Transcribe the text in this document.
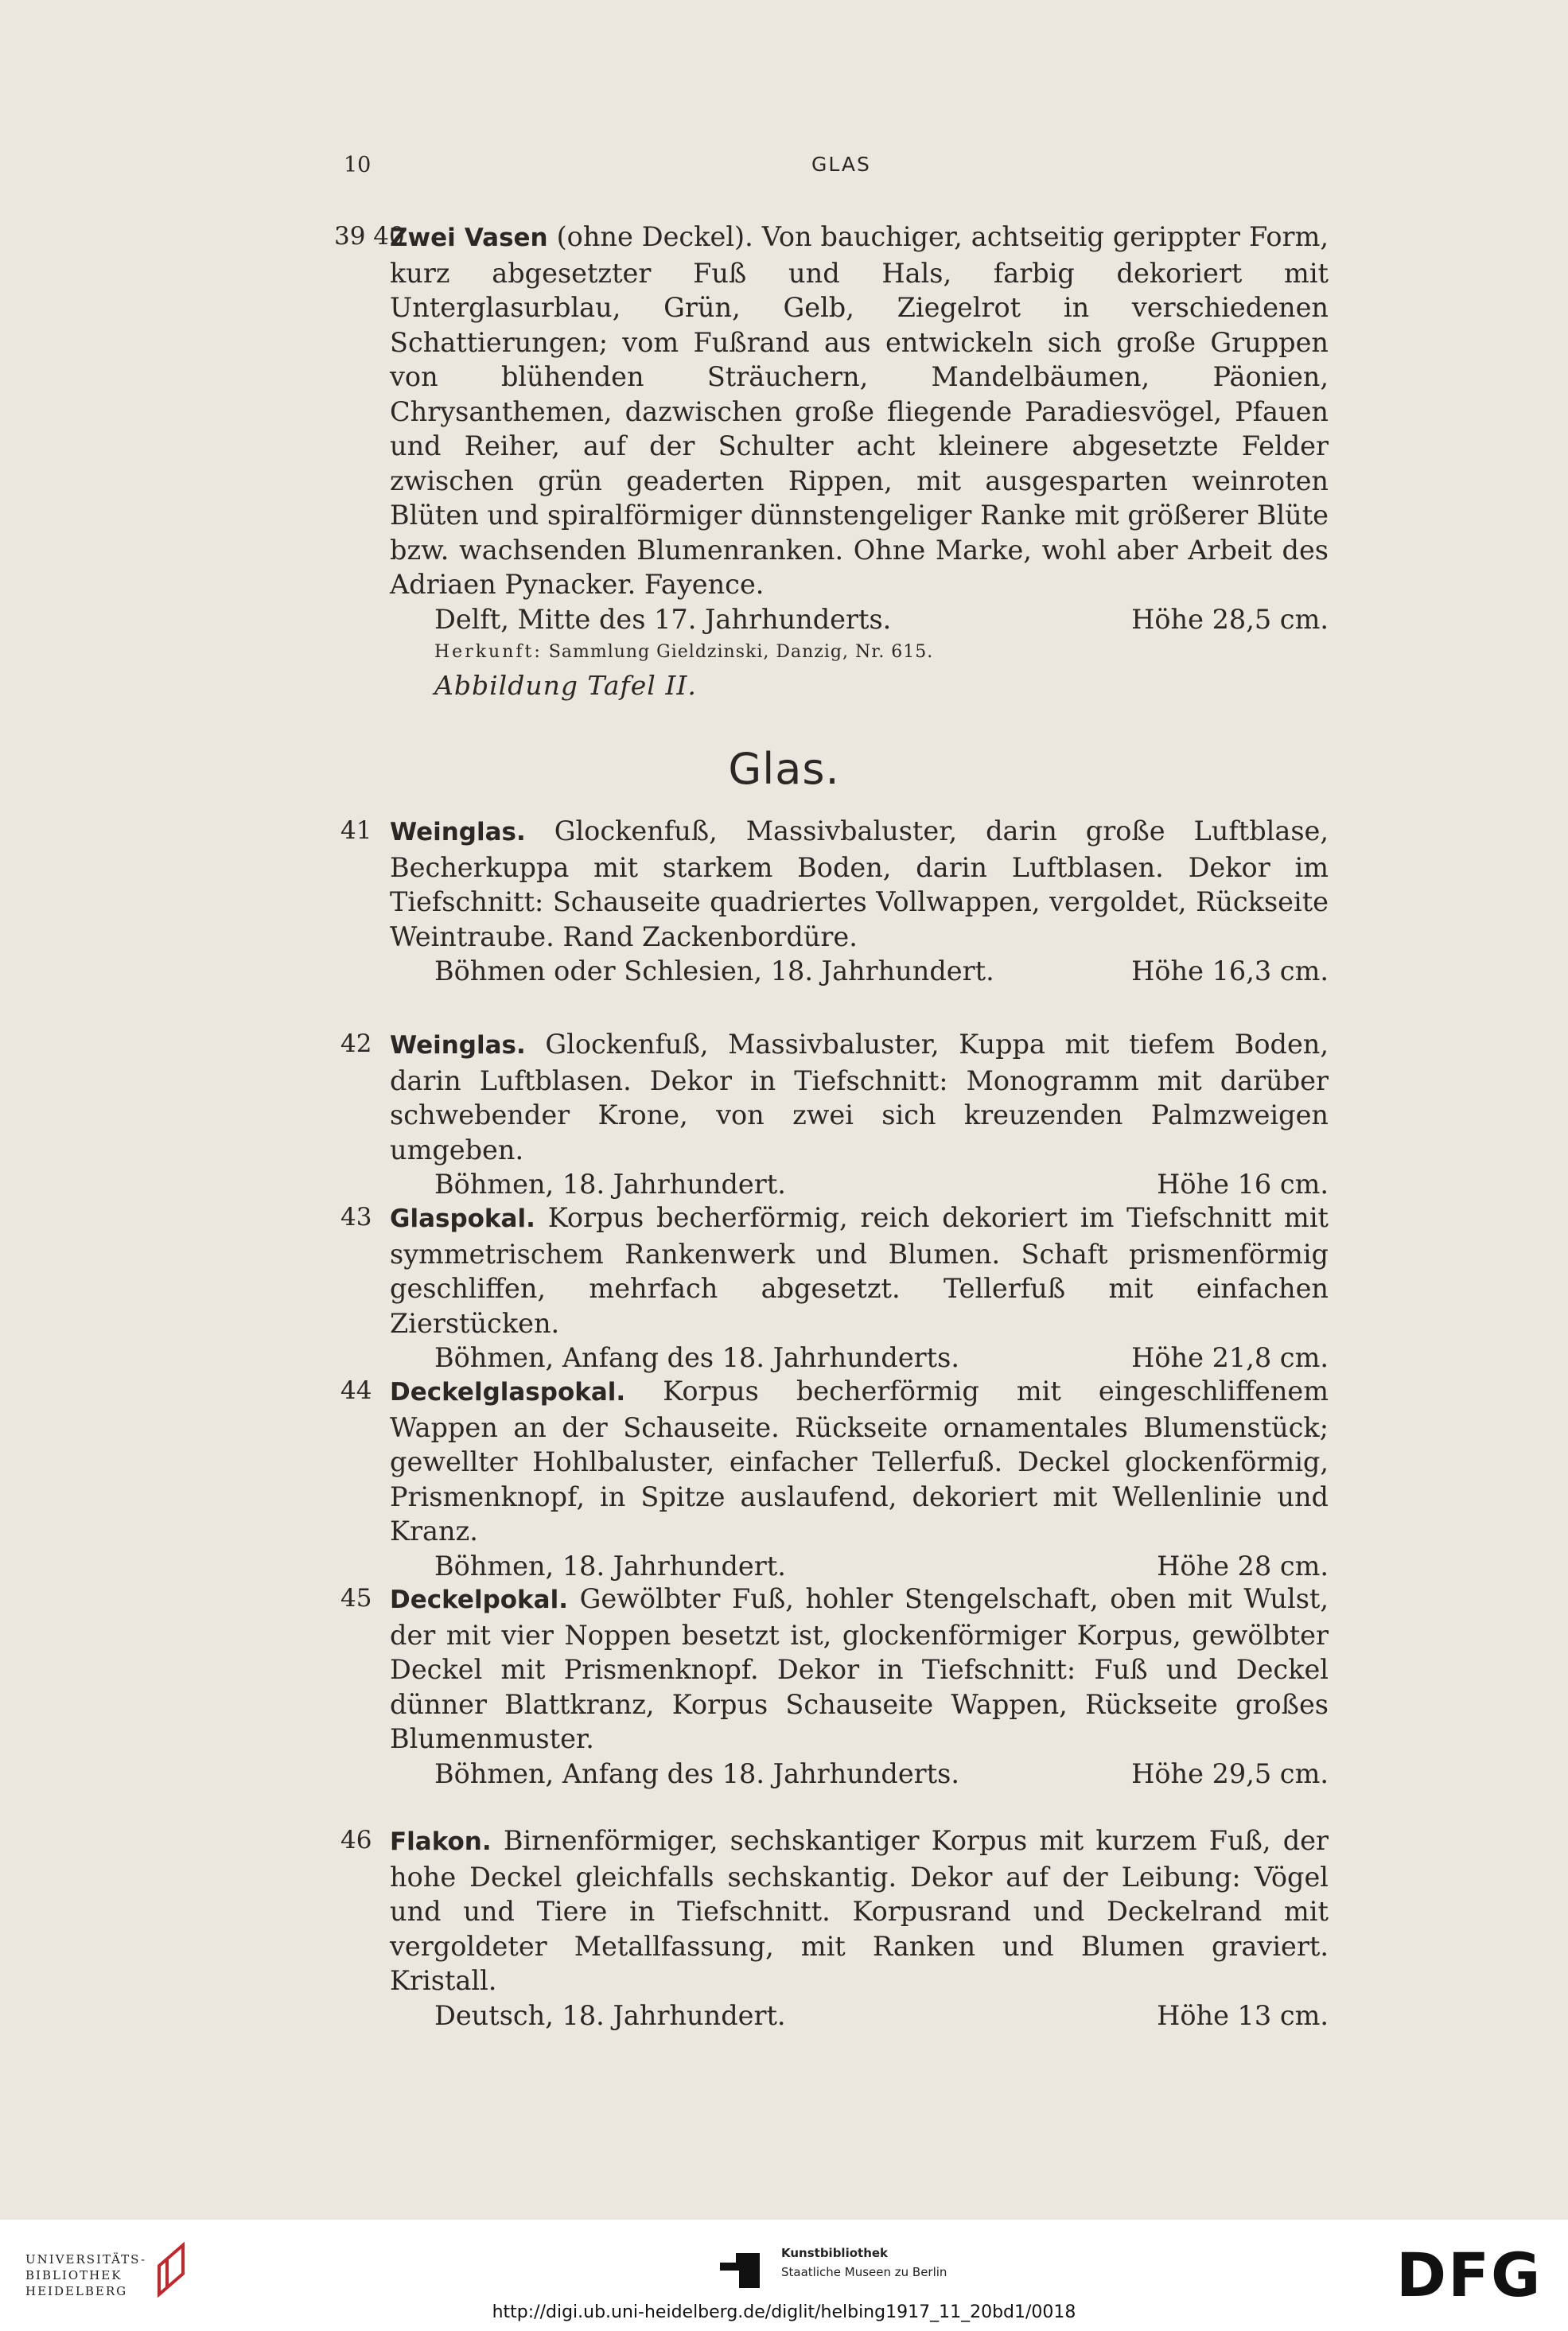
10	GLAS
39 40

Zwei Vasen (ohne Deckel). Von bauchiger, achtseitig gerippter Form, kurz abgesetzter Fuß und Hals, farbig dekoriert mit Unterglasurblau, Grün, Gelb, Ziegelrot in verschiedenen Schattierungen; vom Fußrand aus entwickeln sich große Gruppen von blühenden Sträuchern, Mandelbäumen, Päonien, Chrysanthemen, dazwischen große fliegende Paradiesvögel, Pfauen und Reiher, auf der Schulter acht kleinere abgesetzte Felder zwischen grün geaderten Rippen, mit ausgesparten weinroten Blüten und spiralförmiger dünnstengeliger Ranke mit größerer Blüte bzw. wachsenden Blumenranken. Ohne Marke, wohl aber Arbeit des Adriaen Pynacker. Fayence.

Delft, Mitte des 17. Jahrhunderts.	Höhe 28,5 cm.
Herkunft: Sammlung Gieldzinski, Danzig, Nr. 615.
Abbildung Tafel II.
Glas.
41 Weinglas. Glockenfuß, Massivbaluster, darin große Luftblase, Becherkuppa mit starkem Boden, darin Luftblasen. Dekor im Tiefschnitt: Schauseite quadriertes Vollwappen, vergoldet, Rückseite Weintraube. Rand Zackenbordüre.

Böhmen oder Schlesien, 18. Jahrhundert.	Höhe 16,3 cm.
42 Weinglas. Glockenfuß, Massivbaluster, Kuppa mit tiefem Boden, darin Luftblasen. Dekor in Tiefschnitt: Monogramm mit darüber schwebender Krone, von zwei sich kreuzenden Palmzweigen umgeben.

Böhmen, 18. Jahrhundert.	Höhe 16 cm.
43 Glaspokal. Korpus becherförmig, reich dekoriert im Tiefschnitt mit symmetrischem Rankenwerk und Blumen. Schaft prismenförmig geschliffen, mehrfach abgesetzt. Tellerfuß mit einfachen Zierstücken.

Böhmen, Anfang des 18. Jahrhunderts.	Höhe 21,8 cm.
44 Deckelglaspokal. Korpus becherförmig mit eingeschliffenem Wappen an der Schauseite. Rückseite ornamentales Blumenstück; gewellter Hohlbaluster, einfacher Tellerfuß. Deckel glockenförmig, Prismenknopf, in Spitze auslaufend, dekoriert mit Wellenlinie und Kranz.

Böhmen, 18. Jahrhundert.	Höhe 28 cm.
45 Deckelpokal. Gewölbter Fuß, hohler Stengelschaft, oben mit Wulst, der mit vier Noppen besetzt ist, glockenförmiger Korpus, gewölbter Deckel mit Prismenknopf. Dekor in Tiefschnitt: Fuß und Deckel dünner Blattkranz, Korpus Schauseite Wappen, Rückseite großes Blumenmuster.

Böhmen, Anfang des 18. Jahrhunderts.	Höhe 29,5 cm.
46 Flakon. Birnenförmiger, sechskantiger Korpus mit kurzem Fuß, der hohe Deckel gleichfalls sechskantig. Dekor auf der Leibung: Vögel und und Tiere in Tiefschnitt. Korpusrand und Deckelrand mit vergoldeter Metallfassung, mit Ranken und Blumen graviert. Kristall.

Deutsch, 18. Jahrhundert.	Höhe 13 cm.
UNIVERSITÄTS-
BIBLIOTHEK
HEIDELBERG
Kunstbibliothek
Staatliche Museen zu Berlin	DFG
http://digi.ub.uni-heidelberg.de/diglit/helbing1917_11_20bd1/0018
